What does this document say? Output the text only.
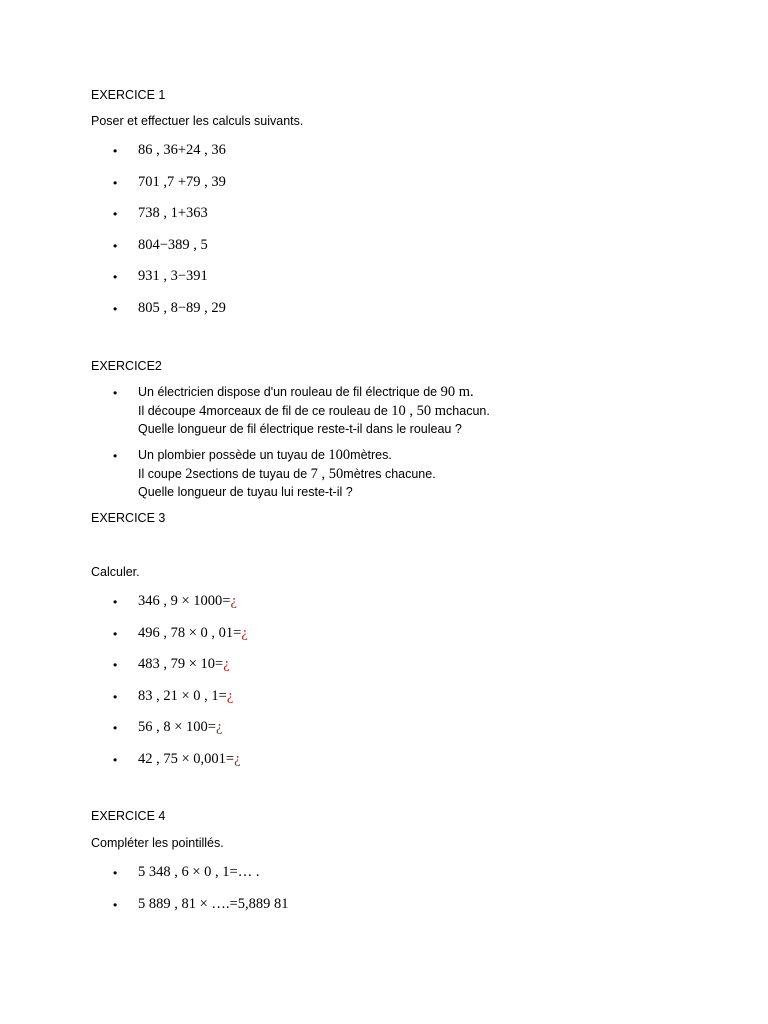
EXERCICE 1
Poser et effectuer les calculs suivants.
• 86 , 36+24 , 36
• 701 ,7 +79 , 39
• 738 , 1+363
• 804−389 , 5
• 931 , 3−391
• 805 , 8−89 , 29
EXERCICE2
• Un électricien dispose d'un rouleau de fil électrique de 90 m.
Il découpe 4morceaux de fil de ce rouleau de 10 , 50 mchacun.
Quelle longueur de fil électrique reste-t-il dans le rouleau ?
• Un plombier possède un tuyau de 100mètres.
Il coupe 2sections de tuyau de 7 , 50mètres chacune.
Quelle longueur de tuyau lui reste-t-il ?
EXERCICE 3
Calculer.
• 346 , 9 × 1000=¿
• 496 , 78 × 0 , 01=¿
• 483 , 79 × 10=¿
• 83 , 21 × 0 , 1=¿
• 56 , 8 × 100=¿
• 42 , 75 × 0,001=¿
EXERCICE 4
Compléter les pointillés.
• 5 348 , 6 × 0 , 1=… .
• 5 889 , 81 × ….=5,889 81
